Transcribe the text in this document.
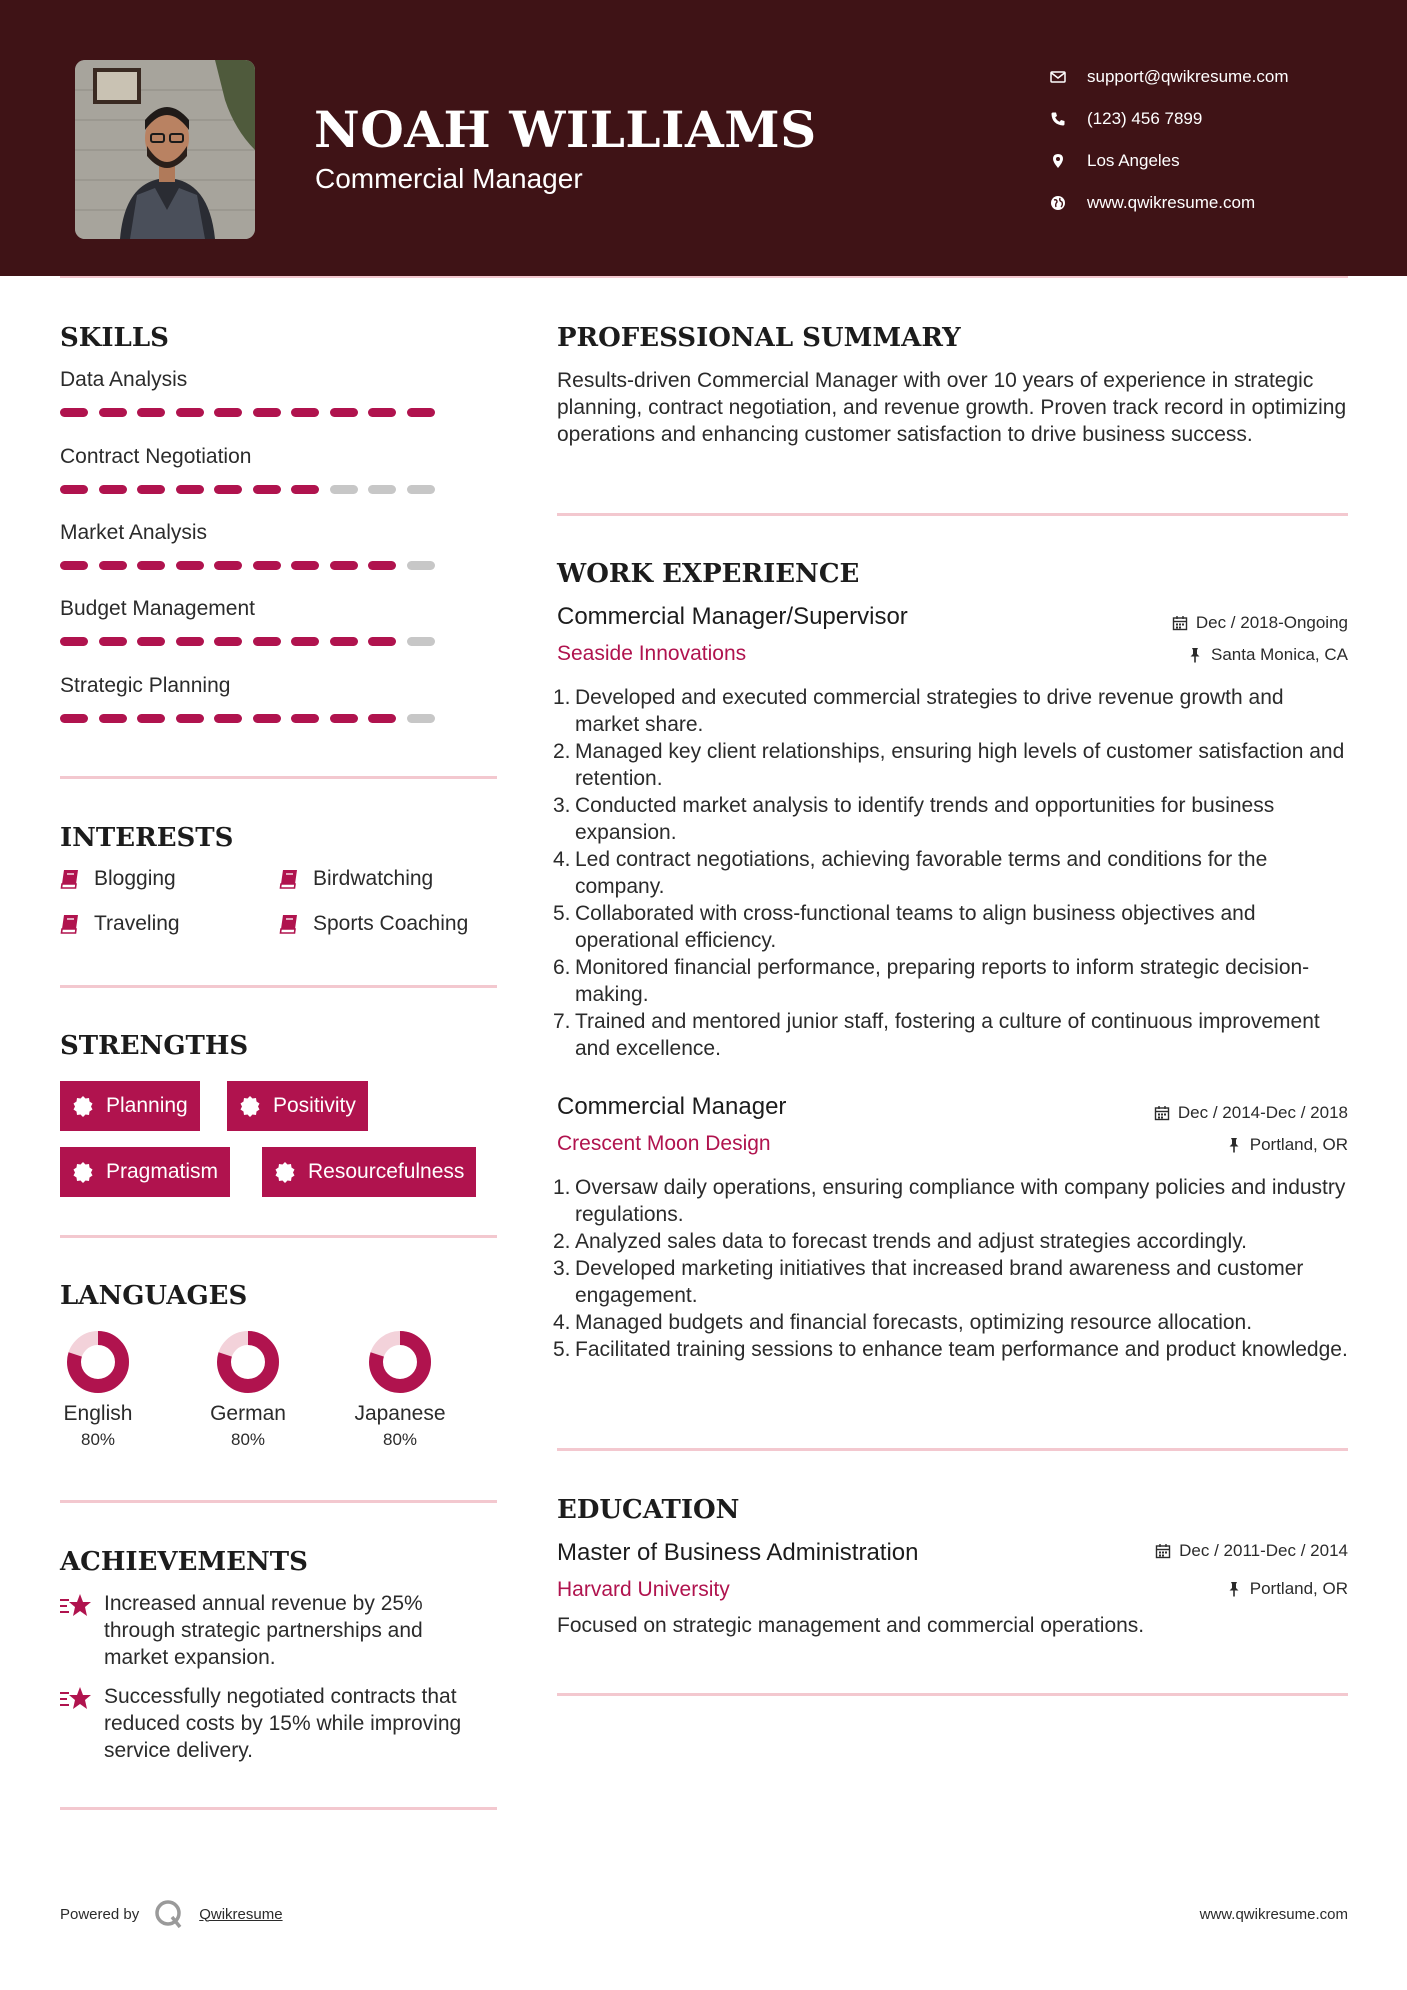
NOAH WILLIAMS
Commercial Manager
support@qwikresume.com
(123) 456 7899
Los Angeles
www.qwikresume.com
SKILLS
Data Analysis
Contract Negotiation
Market Analysis
Budget Management
Strategic Planning
INTERESTS
Blogging	Birdwatching
Traveling	Sports Coaching
STRENGTHS
Planning	Positivity
Pragmatism	Resourcefulness
LANGUAGES
English
80%
German
80%
Japanese
80%
ACHIEVEMENTS
Increased annual revenue by 25% through strategic partnerships and market expansion.
Successfully negotiated contracts that reduced costs by 15% while improving service delivery.
PROFESSIONAL SUMMARY
Results-driven Commercial Manager with over 10 years of experience in strategic planning, contract negotiation, and revenue growth. Proven track record in optimizing operations and enhancing customer satisfaction to drive business success.
WORK EXPERIENCE
Commercial Manager/Supervisor	Dec / 2018-Ongoing
Seaside Innovations	Santa Monica, CA
1. Developed and executed commercial strategies to drive revenue growth and market share.
2. Managed key client relationships, ensuring high levels of customer satisfaction and retention.
3. Conducted market analysis to identify trends and opportunities for business expansion.
4. Led contract negotiations, achieving favorable terms and conditions for the company.
5. Collaborated with cross-functional teams to align business objectives and operational efficiency.
6. Monitored financial performance, preparing reports to inform strategic decision-making.
7. Trained and mentored junior staff, fostering a culture of continuous improvement and excellence.
Commercial Manager	Dec / 2014-Dec / 2018
Crescent Moon Design	Portland, OR
1. Oversaw daily operations, ensuring compliance with company policies and industry regulations.
2. Analyzed sales data to forecast trends and adjust strategies accordingly.
3. Developed marketing initiatives that increased brand awareness and customer engagement.
4. Managed budgets and financial forecasts, optimizing resource allocation.
5. Facilitated training sessions to enhance team performance and product knowledge.
EDUCATION
Master of Business Administration	Dec / 2011-Dec / 2014
Harvard University	Portland, OR
Focused on strategic management and commercial operations.
Powered by	Qwikresume	www.qwikresume.com
